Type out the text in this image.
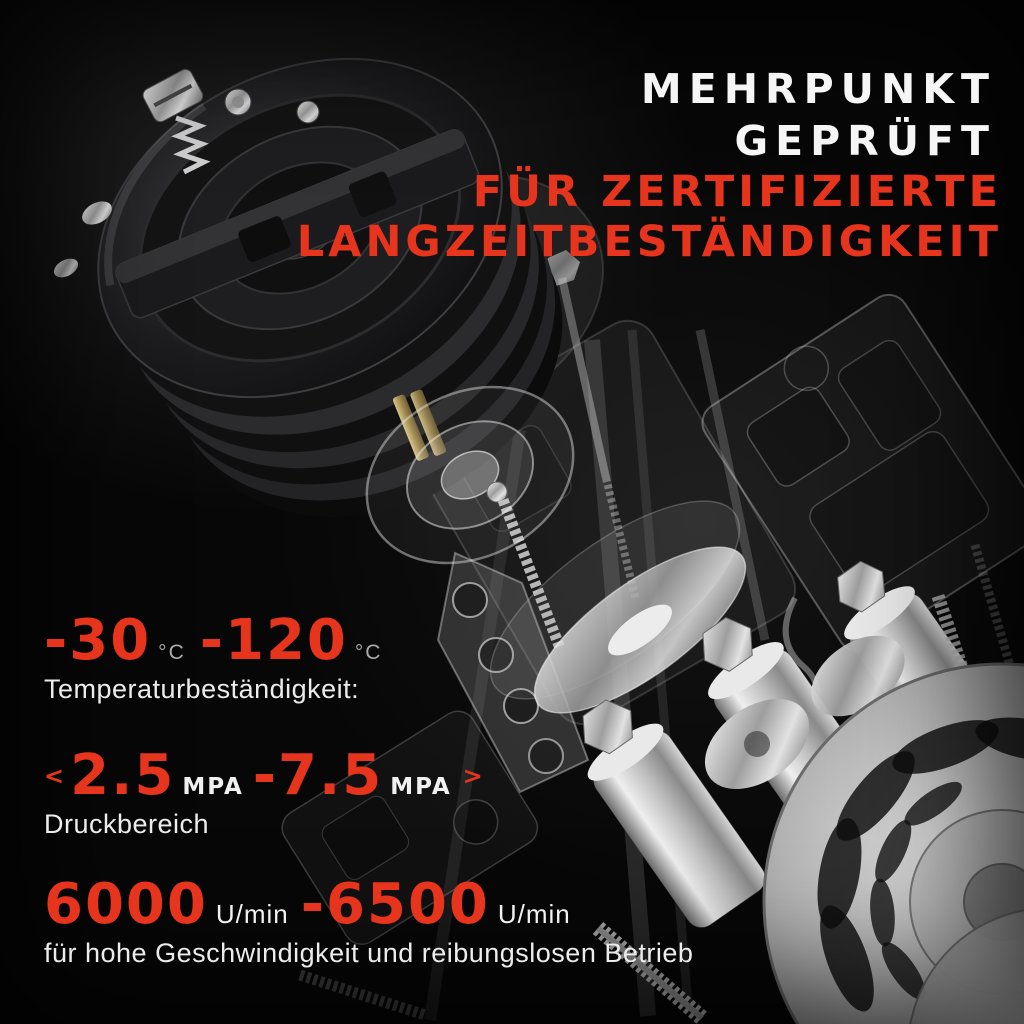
MEHRPUNKT
GEPRÜFT
FÜR ZERTIFIZIERTE
LANGZEITBESTÄNDIGKEIT
-30 °C -120 °C
Temperaturbeständigkeit:
< 2.5 MPA - 7.5 MPA >
Druckbereich
6000 U/min -6500 U/min
für hohe Geschwindigkeit und reibungslosen Betrieb
